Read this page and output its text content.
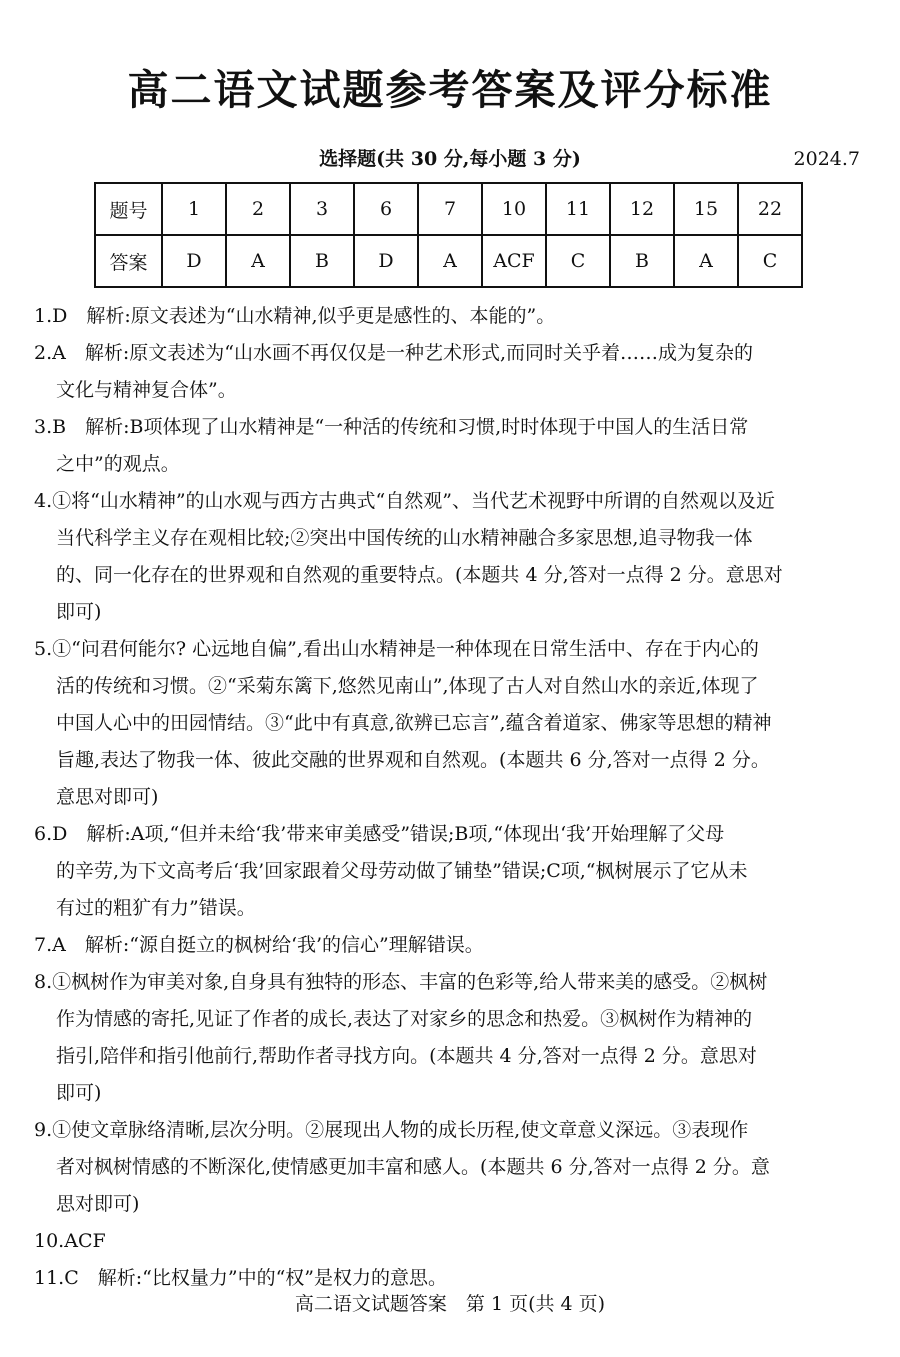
高二语文试题参考答案及评分标准
选择题(共 30 分,每小题 3 分)	2024.7
题号	1	2	3	6	7	10	11	12	15	22
答案	D	A	B	D	A	ACF	C	B	A	C
1.D　解析:原文表述为“山水精神,似乎更是感性的、本能的”。
2.A　解析:原文表述为“山水画不再仅仅是一种艺术形式,而同时关乎着……成为复杂的
文化与精神复合体”。
3.B　解析:B项体现了山水精神是“一种活的传统和习惯,时时体现于中国人的生活日常
之中”的观点。
4.①将“山水精神”的山水观与西方古典式“自然观”、当代艺术视野中所谓的自然观以及近
当代科学主义存在观相比较;②突出中国传统的山水精神融合多家思想,追寻物我一体
的、同一化存在的世界观和自然观的重要特点。(本题共 4 分,答对一点得 2 分。意思对
即可)
5.①“问君何能尔? 心远地自偏”,看出山水精神是一种体现在日常生活中、存在于内心的
活的传统和习惯。②“采菊东篱下,悠然见南山”,体现了古人对自然山水的亲近,体现了
中国人心中的田园情结。③“此中有真意,欲辨已忘言”,蕴含着道家、佛家等思想的精神
旨趣,表达了物我一体、彼此交融的世界观和自然观。(本题共 6 分,答对一点得 2 分。
意思对即可)
6.D　解析:A项,“但并未给‘我’带来审美感受”错误;B项,“体现出‘我’开始理解了父母
的辛劳,为下文高考后‘我’回家跟着父母劳动做了铺垫”错误;C项,“枫树展示了它从未
有过的粗犷有力”错误。
7.A　解析:“源自挺立的枫树给‘我’的信心”理解错误。
8.①枫树作为审美对象,自身具有独特的形态、丰富的色彩等,给人带来美的感受。②枫树
作为情感的寄托,见证了作者的成长,表达了对家乡的思念和热爱。③枫树作为精神的
指引,陪伴和指引他前行,帮助作者寻找方向。(本题共 4 分,答对一点得 2 分。意思对
即可)
9.①使文章脉络清晰,层次分明。②展现出人物的成长历程,使文章意义深远。③表现作
者对枫树情感的不断深化,使情感更加丰富和感人。(本题共 6 分,答对一点得 2 分。意
思对即可)
10.ACF
11.C　解析:“比权量力”中的“权”是权力的意思。
高二语文试题答案　第 1 页(共 4 页)
